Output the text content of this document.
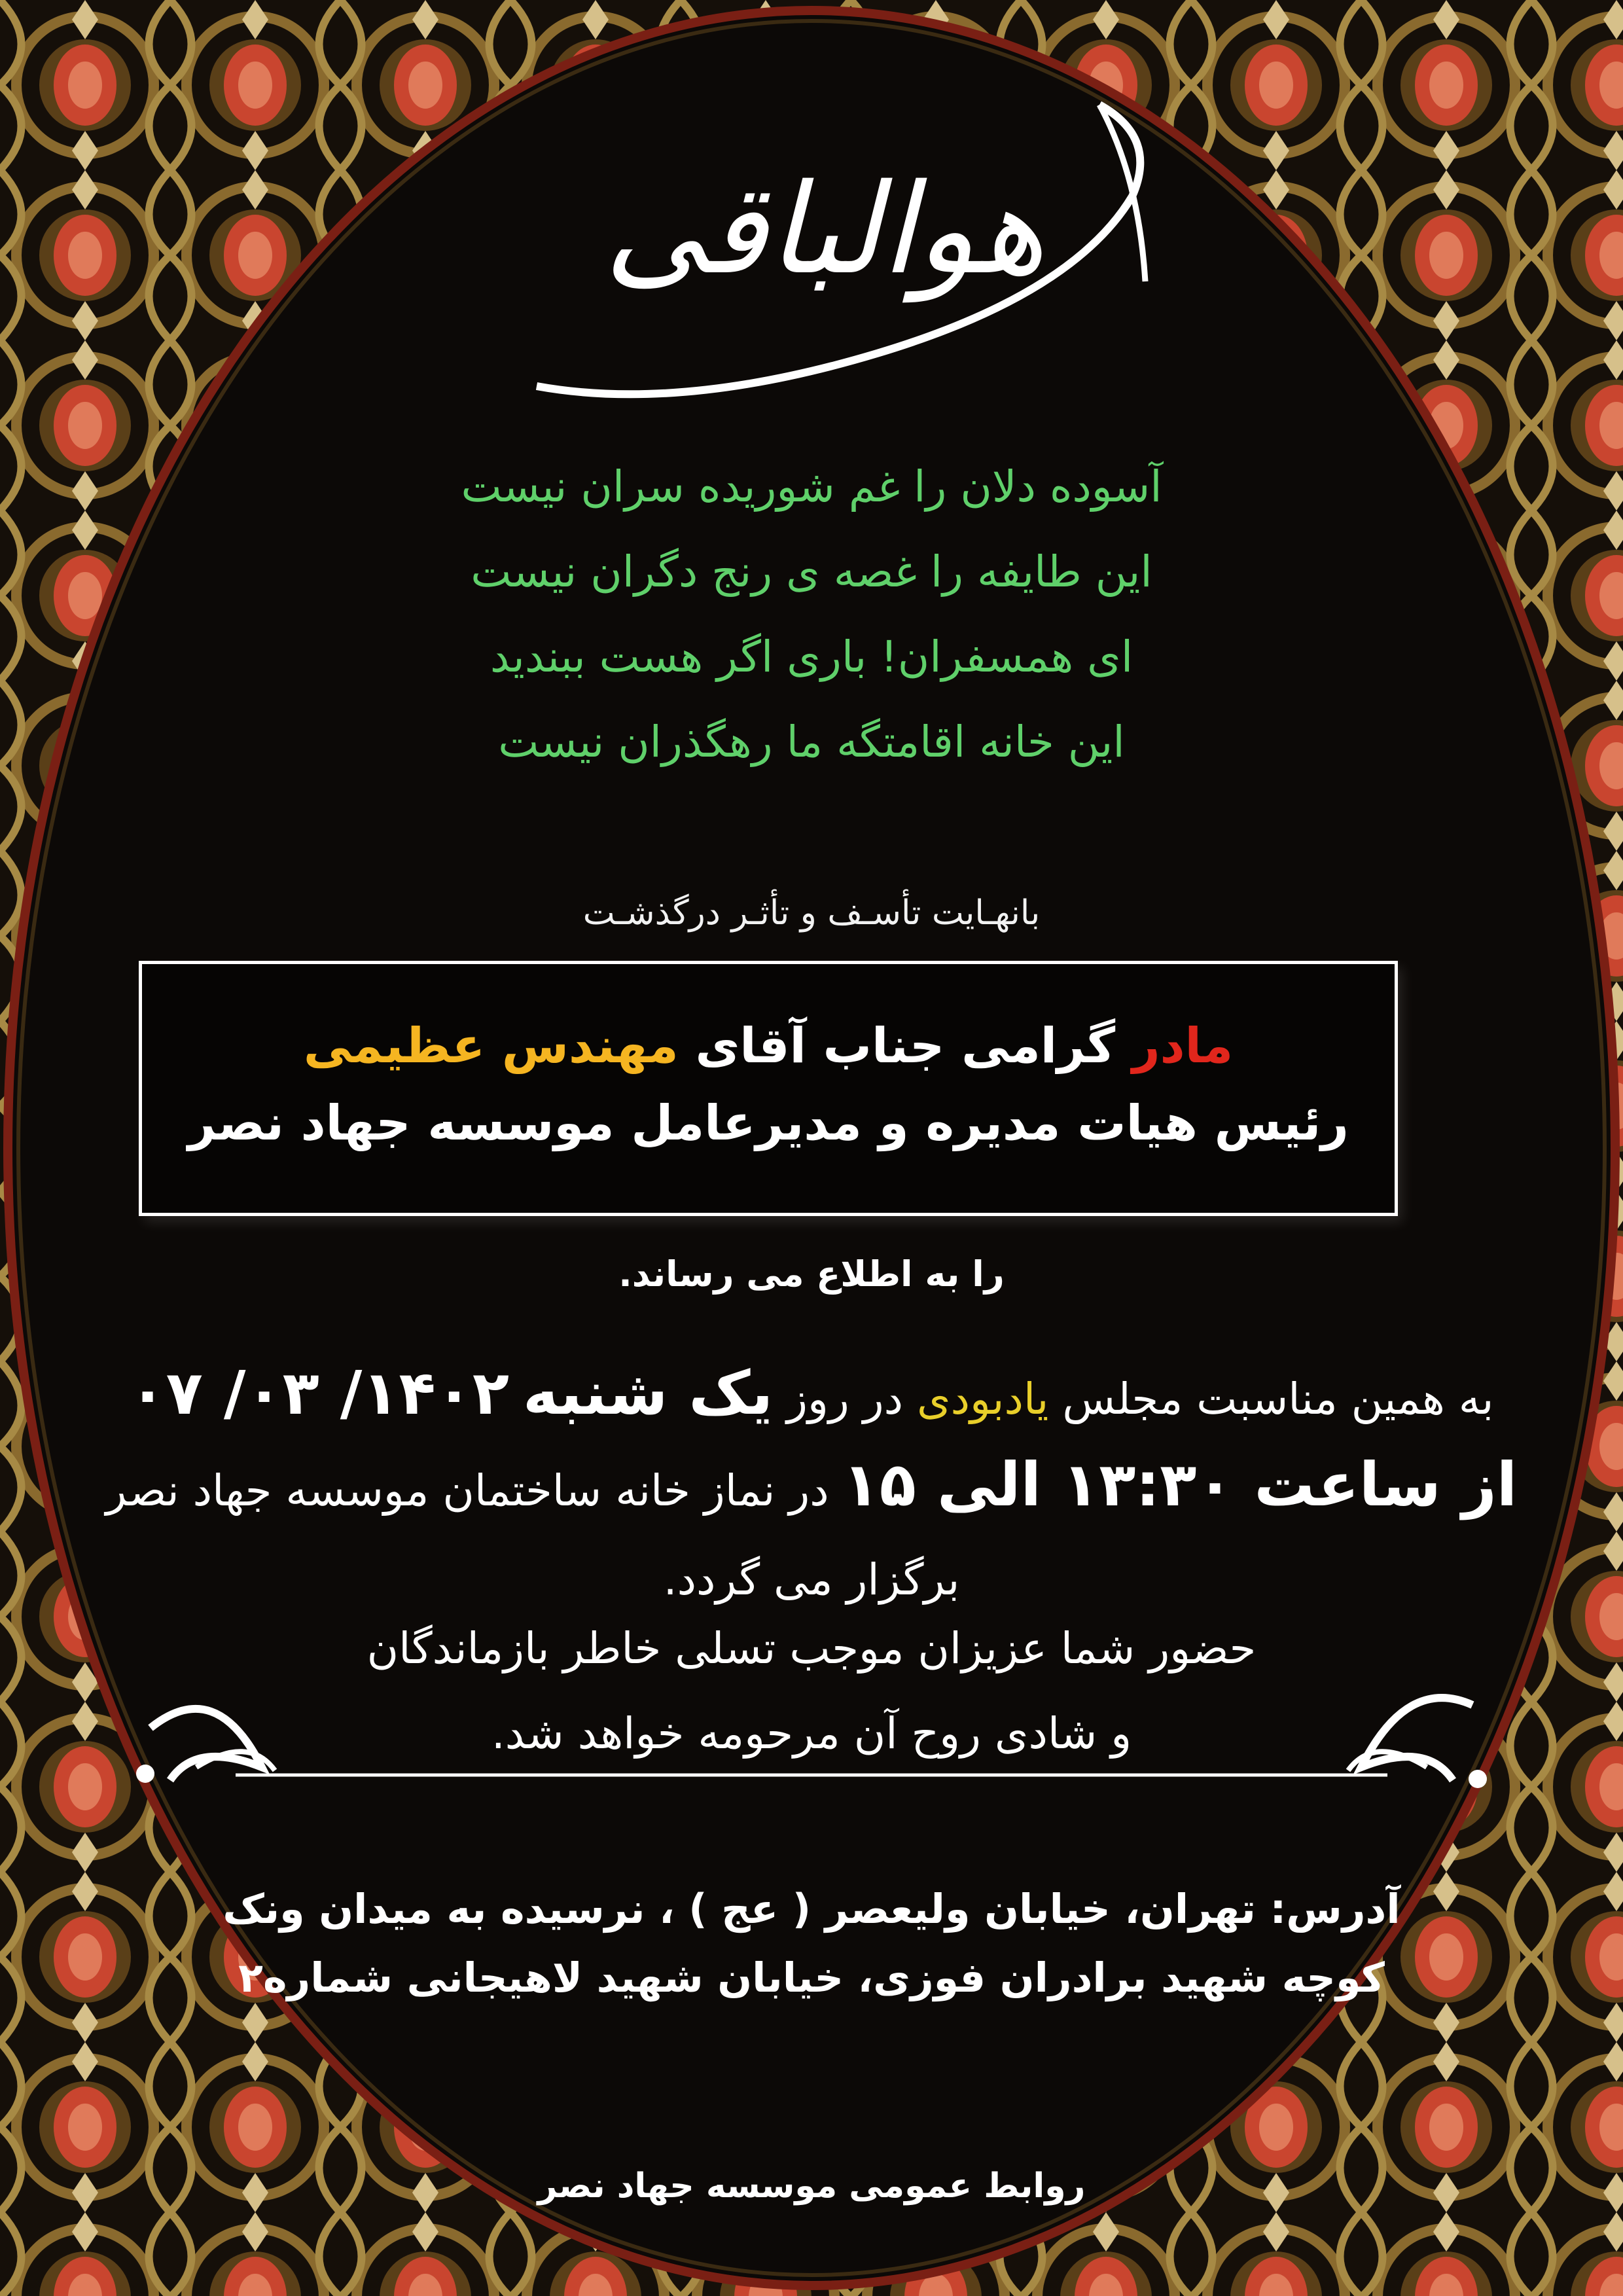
هوالباقی
آسوده دلان را غم شوریده سران نیست
این طایفه را غصه ی رنج دگران نیست
ای همسفران! باری اگر هست ببندید
این خانه اقامتگه ما رهگذران نیست
بانهـایت تأسـف و تأثـر درگذشـت
مادر گرامی جناب آقای مهندس عظیمی
رئیس هیات مدیره و مدیرعامل موسسه جهاد نصر
را به اطلاع می رساند.
به همین مناسبت مجلس یادبودی در روز یک شنبه ۱۴۰۲/ ۰۳/ ۰۷
از ساعت ۱۳:۳۰ الی ۱۵ در نماز خانه ساختمان موسسه جهاد نصر
برگزار می گردد.
حضور شما عزیزان موجب تسلی خاطر بازماندگان
و شادی روح آن مرحومه خواهد شد.
آدرس: تهران، خیابان ولیعصر ( عج ) ، نرسیده به میدان ونک
کوچه شهید برادران فوزی، خیابان شهید لاهیجانی شماره۲
روابط عمومی موسسه جهاد نصر
